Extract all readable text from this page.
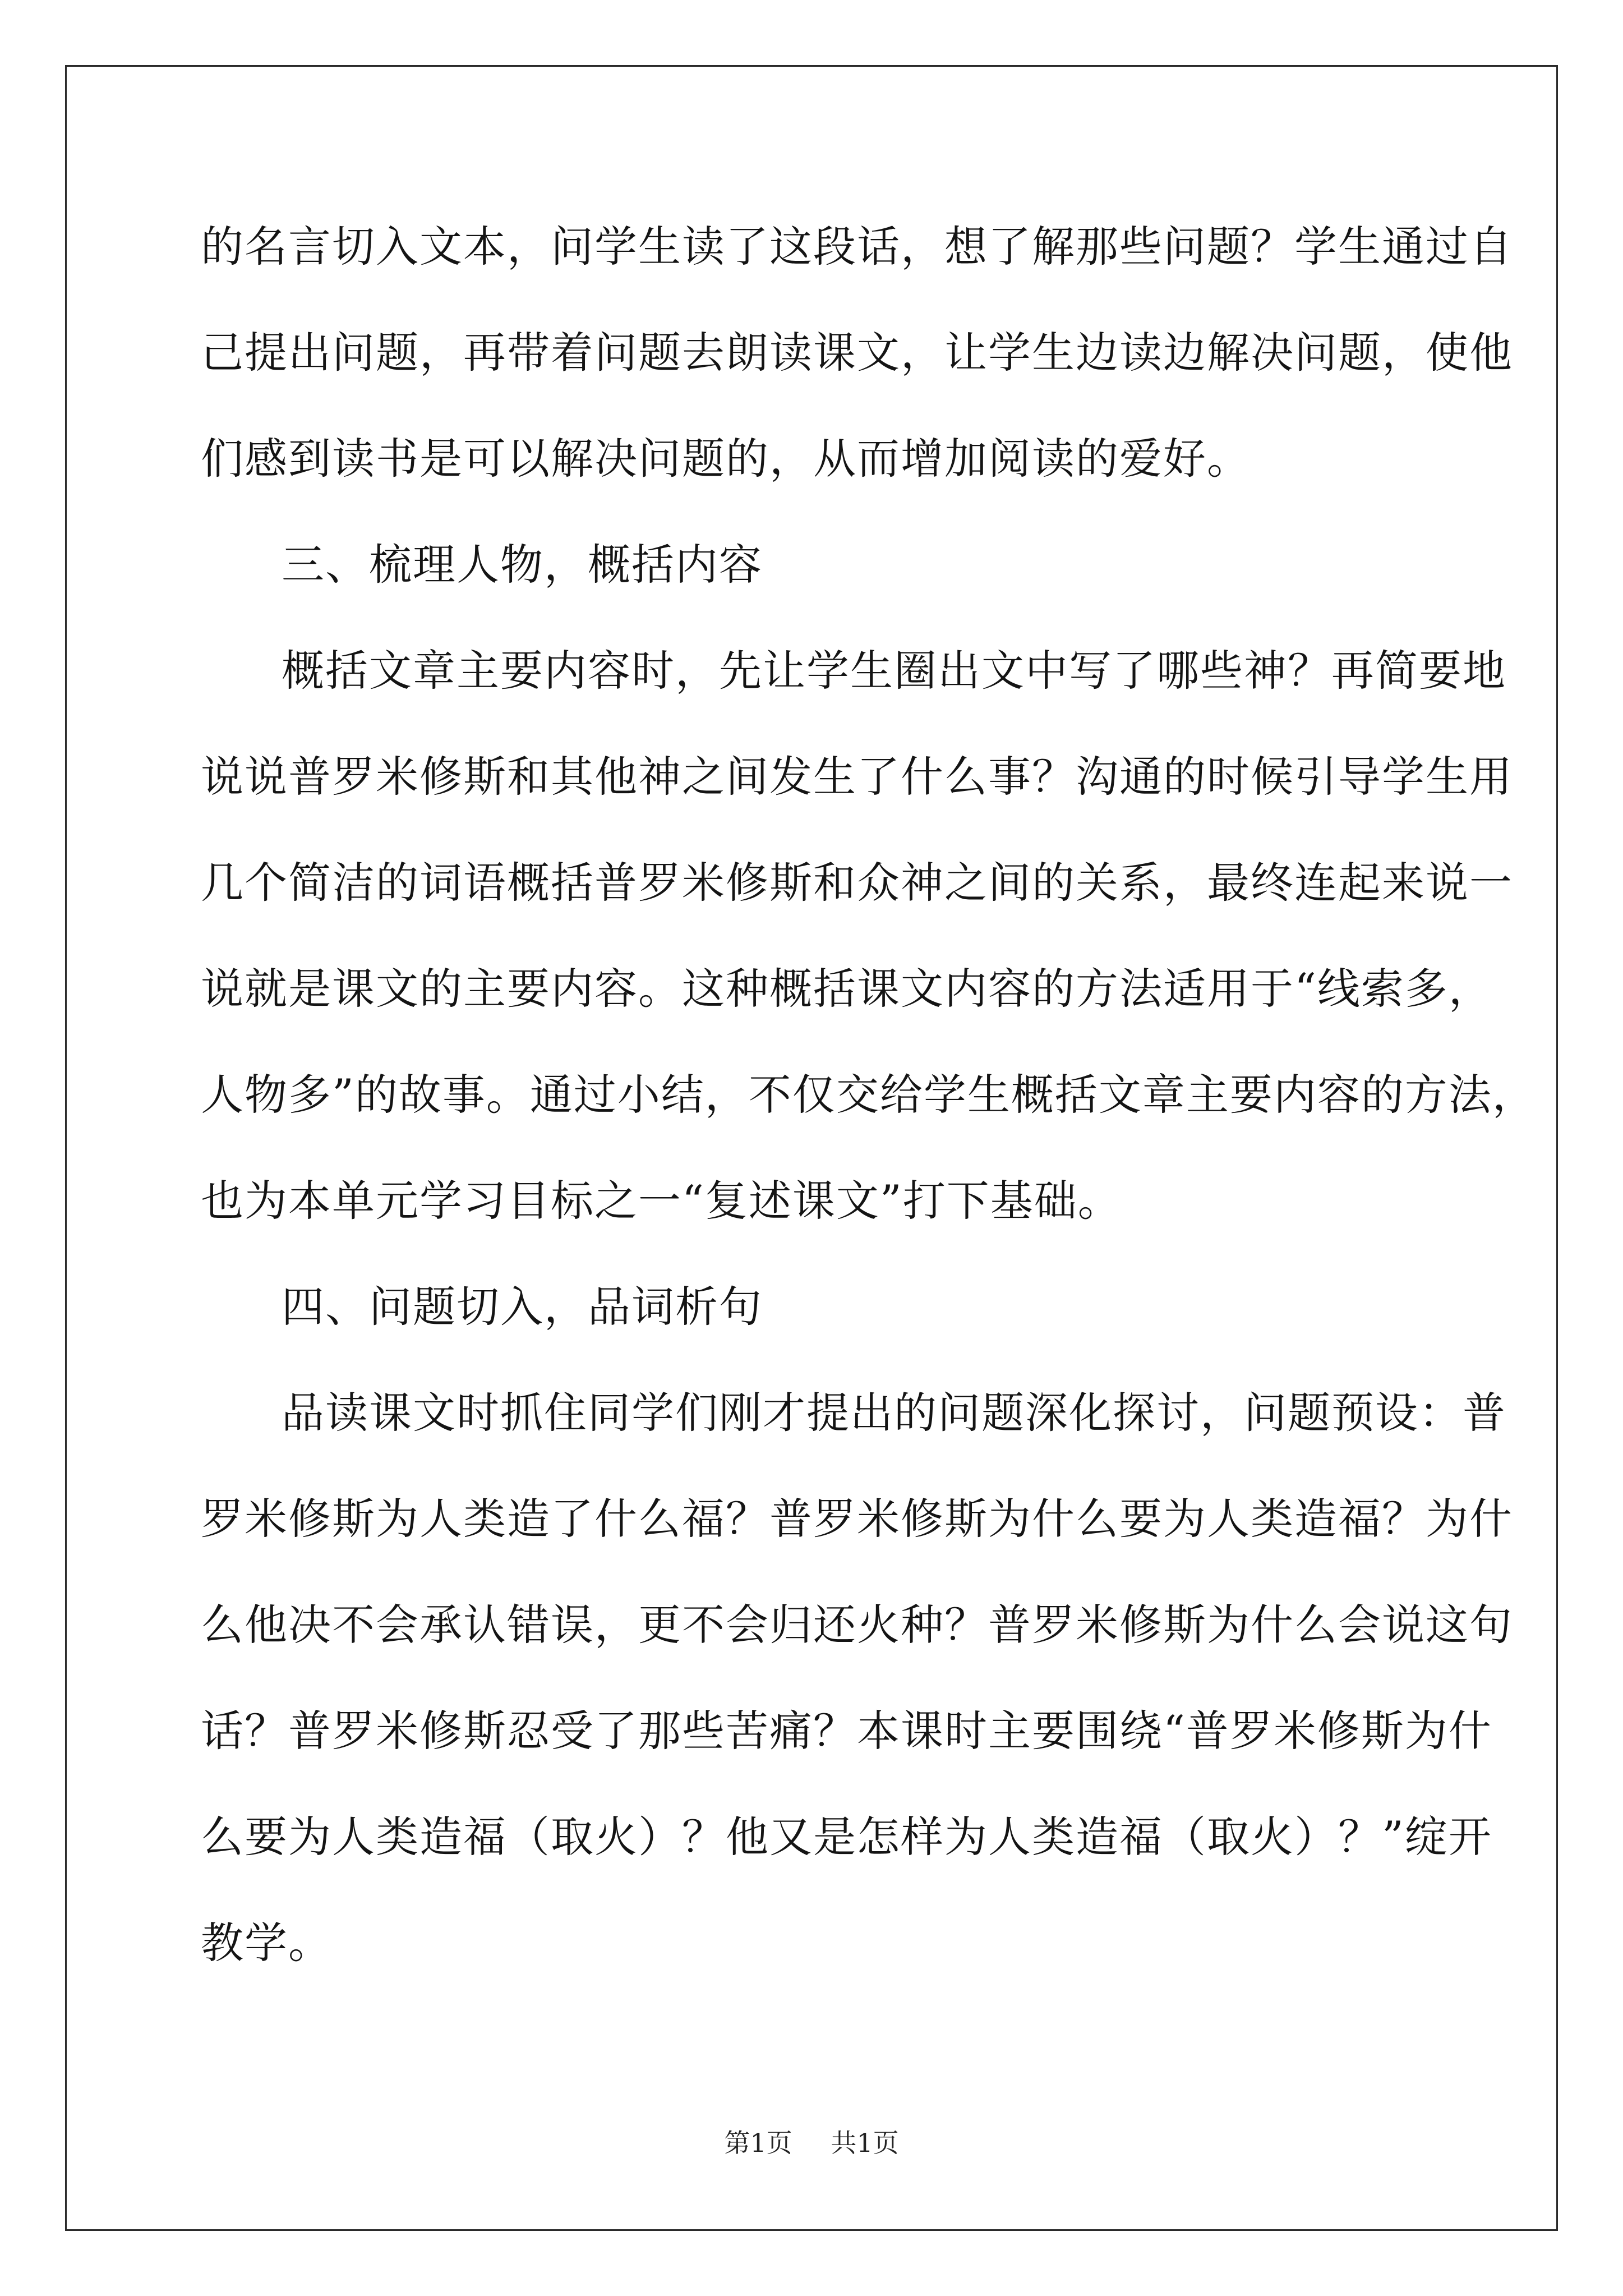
的名言切入文本，问学生读了这段话，想了解那些问题？学生通过自
己提出问题，再带着问题去朗读课文，让学生边读边解决问题，使他
们感到读书是可以解决问题的，从而增加阅读的爱好。
三、梳理人物，概括内容
概括文章主要内容时，先让学生圈出文中写了哪些神？再简要地
说说普罗米修斯和其他神之间发生了什么事？沟通的时候引导学生用
几个简洁的词语概括普罗米修斯和众神之间的关系，最终连起来说一
说就是课文的主要内容。这种概括课文内容的方法适用于“线索多，
人物多”的故事。通过小结，不仅交给学生概括文章主要内容的方法，
也为本单元学习目标之一“复述课文”打下基础。
四、问题切入，品词析句
品读课文时抓住同学们刚才提出的问题深化探讨，问题预设：普
罗米修斯为人类造了什么福？普罗米修斯为什么要为人类造福？为什
么他决不会承认错误，更不会归还火种？普罗米修斯为什么会说这句
话？普罗米修斯忍受了那些苦痛？本课时主要围绕“普罗米修斯为什
么要为人类造福（取火）？他又是怎样为人类造福（取火）？”绽开
教学。
第1页 共1页
